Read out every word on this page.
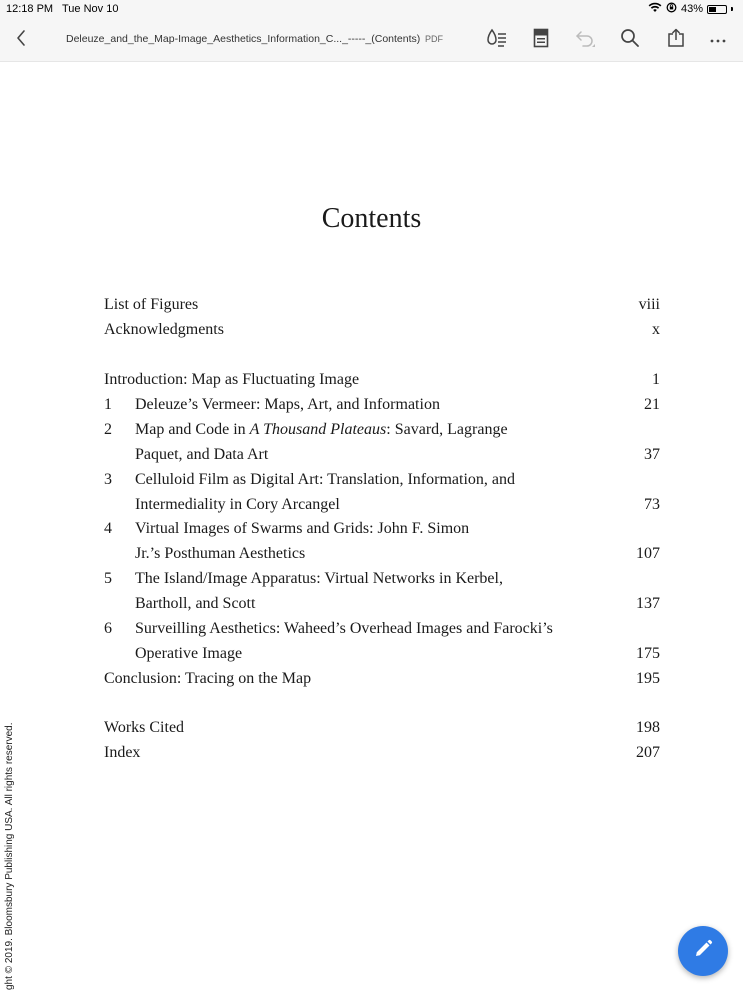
12:18 PM Tue Nov 10	43%
Deleuze_and_the_Map-Image_Aesthetics_Information_C..._-----_(Contents) PDF
Contents
List of Figures	viii
Acknowledgments	x
Introduction: Map as Fluctuating Image	1
1 Deleuze’s Vermeer: Maps, Art, and Information	21
2 Map and Code in A Thousand Plateaus: Savard, Lagrange
Paquet, and Data Art	37
3 Celluloid Film as Digital Art: Translation, Information, and
Intermediality in Cory Arcangel	73
4 Virtual Images of Swarms and Grids: John F. Simon
Jr.’s Posthuman Aesthetics	107
5 The Island/Image Apparatus: Virtual Networks in Kerbel,
Bartholl, and Scott	137
6 Surveilling Aesthetics: Waheed’s Overhead Images and Farocki’s
Operative Image	175
Conclusion: Tracing on the Map	195
Works Cited	198
Index	207
ght © 2019. Bloomsbury Publishing USA. All rights reserved.
